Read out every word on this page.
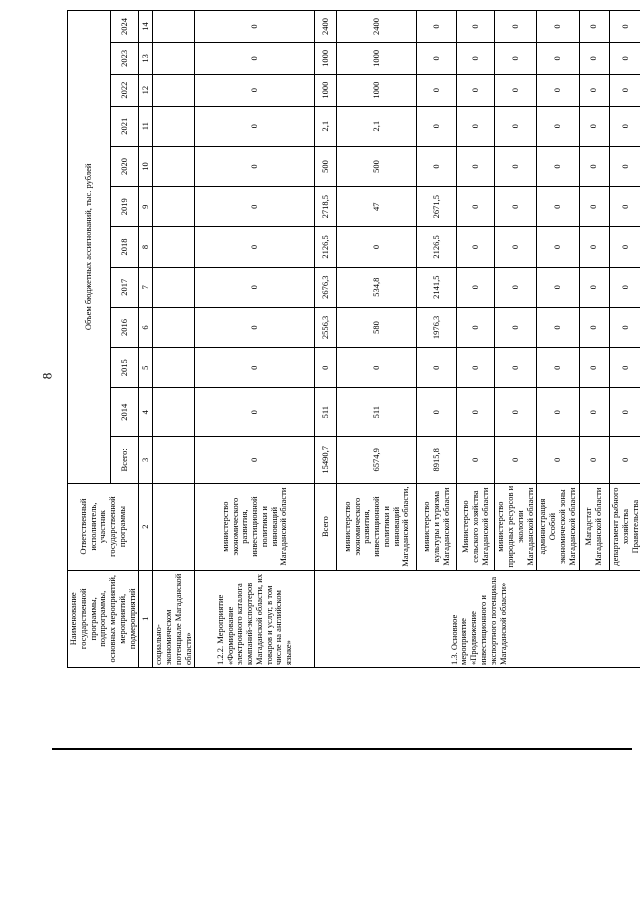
8
Наименование государственной программы, подпрограммы, основных мероприятий, мероприятий, подмероприятий	Ответственный исполнитель, участник государственной программы	Объем бюджетных ассигнований, тыс. рублей											
		Всего:	2014	2015	2016	2017	2018	2019	2020	2021	2022	2023	2024
1	2	3	4	5	6	7	8	9	10	11	12	13	14
социально-экономическом потенциале Магаданской области»													
1.2.2. Мероприятие «Формирование электронного каталога компаний-экспортеров Магаданской области, их товаров и услуг, в том числе на английском языке»	министерство экономического развития, инвестиционной политики и инноваций Магаданской области	0	0	0	0	0	0	0	0	0	0	0	0
1.3. Основное мероприятие «Продвижение инвестиционного и экспортного потенциала Магаданской области»	Всего	15490,7	511	0	2556,3	2676,3	2126,5	2718,5	500	2,1	1000	1000	2400
	министерство экономического развития, инвестиционной политики и инноваций Магаданской области,	6574,9	511	0	580	534,8	0	47	500	2,1	1000	1000	2400
	министерство культуры и туризма Магаданской области	8915,8	0	0	1976,3	2141,5	2126,5	2671,5	0	0	0	0	0
	Министерство сельского хозяйства Магаданской области	0	0	0	0	0	0	0	0	0	0	0	0
	министерство природных ресурсов и экологии Магаданской области	0	0	0	0	0	0	0	0	0	0	0	0
	администрация Особой экономической зоны Магаданской области	0	0	0	0	0	0	0	0	0	0	0	0
	Магадстат Магаданской области	0	0	0	0	0	0	0	0	0	0	0	0
	департамент рыбного хозяйства Правительства	0	0	0	0	0	0	0	0	0	0	0	0
